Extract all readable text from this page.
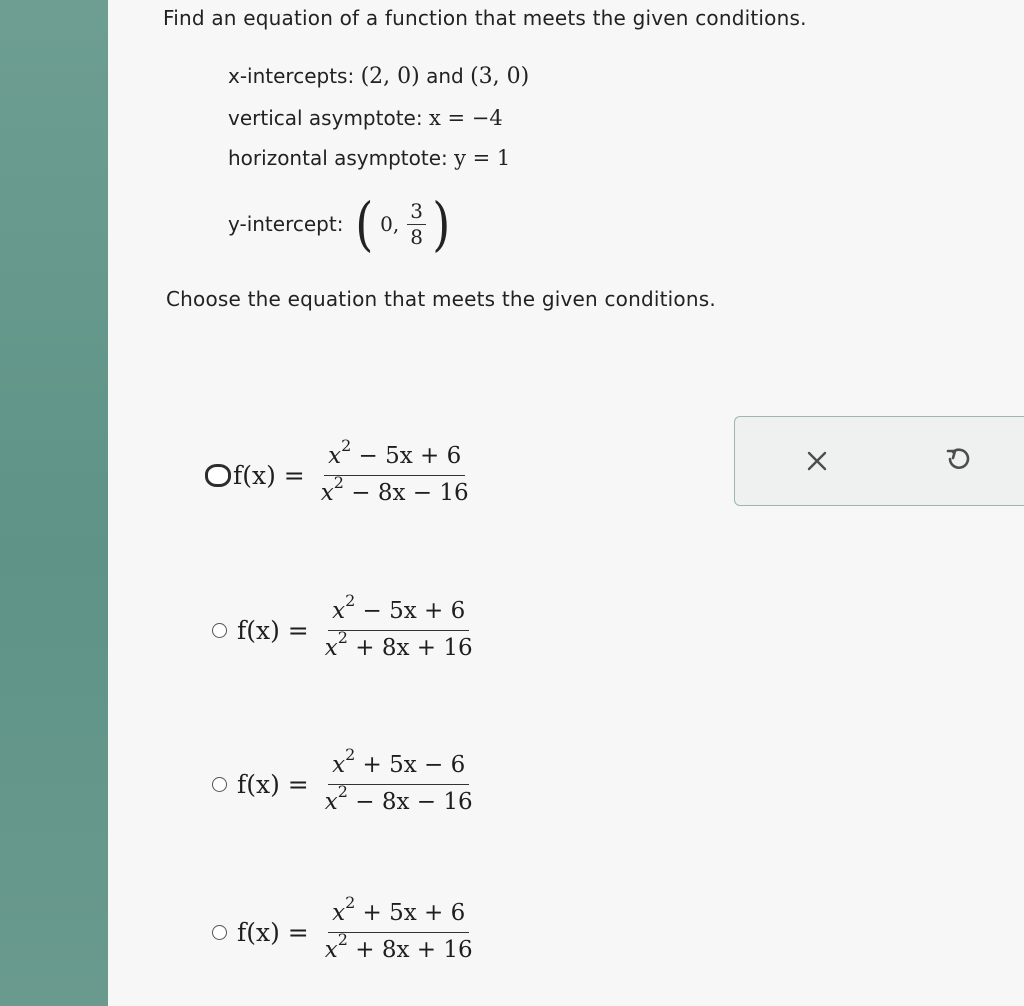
Find an equation of a function that meets the given conditions.
x-intercepts: (2, 0) and (3, 0)
vertical asymptote: x = −4
horizontal asymptote: y = 1
y-intercept: ( 0, $\frac{3}{8}$ )
Choose the equation that meets the given conditions.
$f(x) = \frac{x^2 - 5x + 6}{x^2 - 8x - 16}$
$f(x) = \frac{x^2 - 5x + 6}{x^2 + 8x + 16}$
$f(x) = \frac{x^2 + 5x - 6}{x^2 - 8x - 16}$
$f(x) = \frac{x^2 + 5x + 6}{x^2 + 8x + 16}$
